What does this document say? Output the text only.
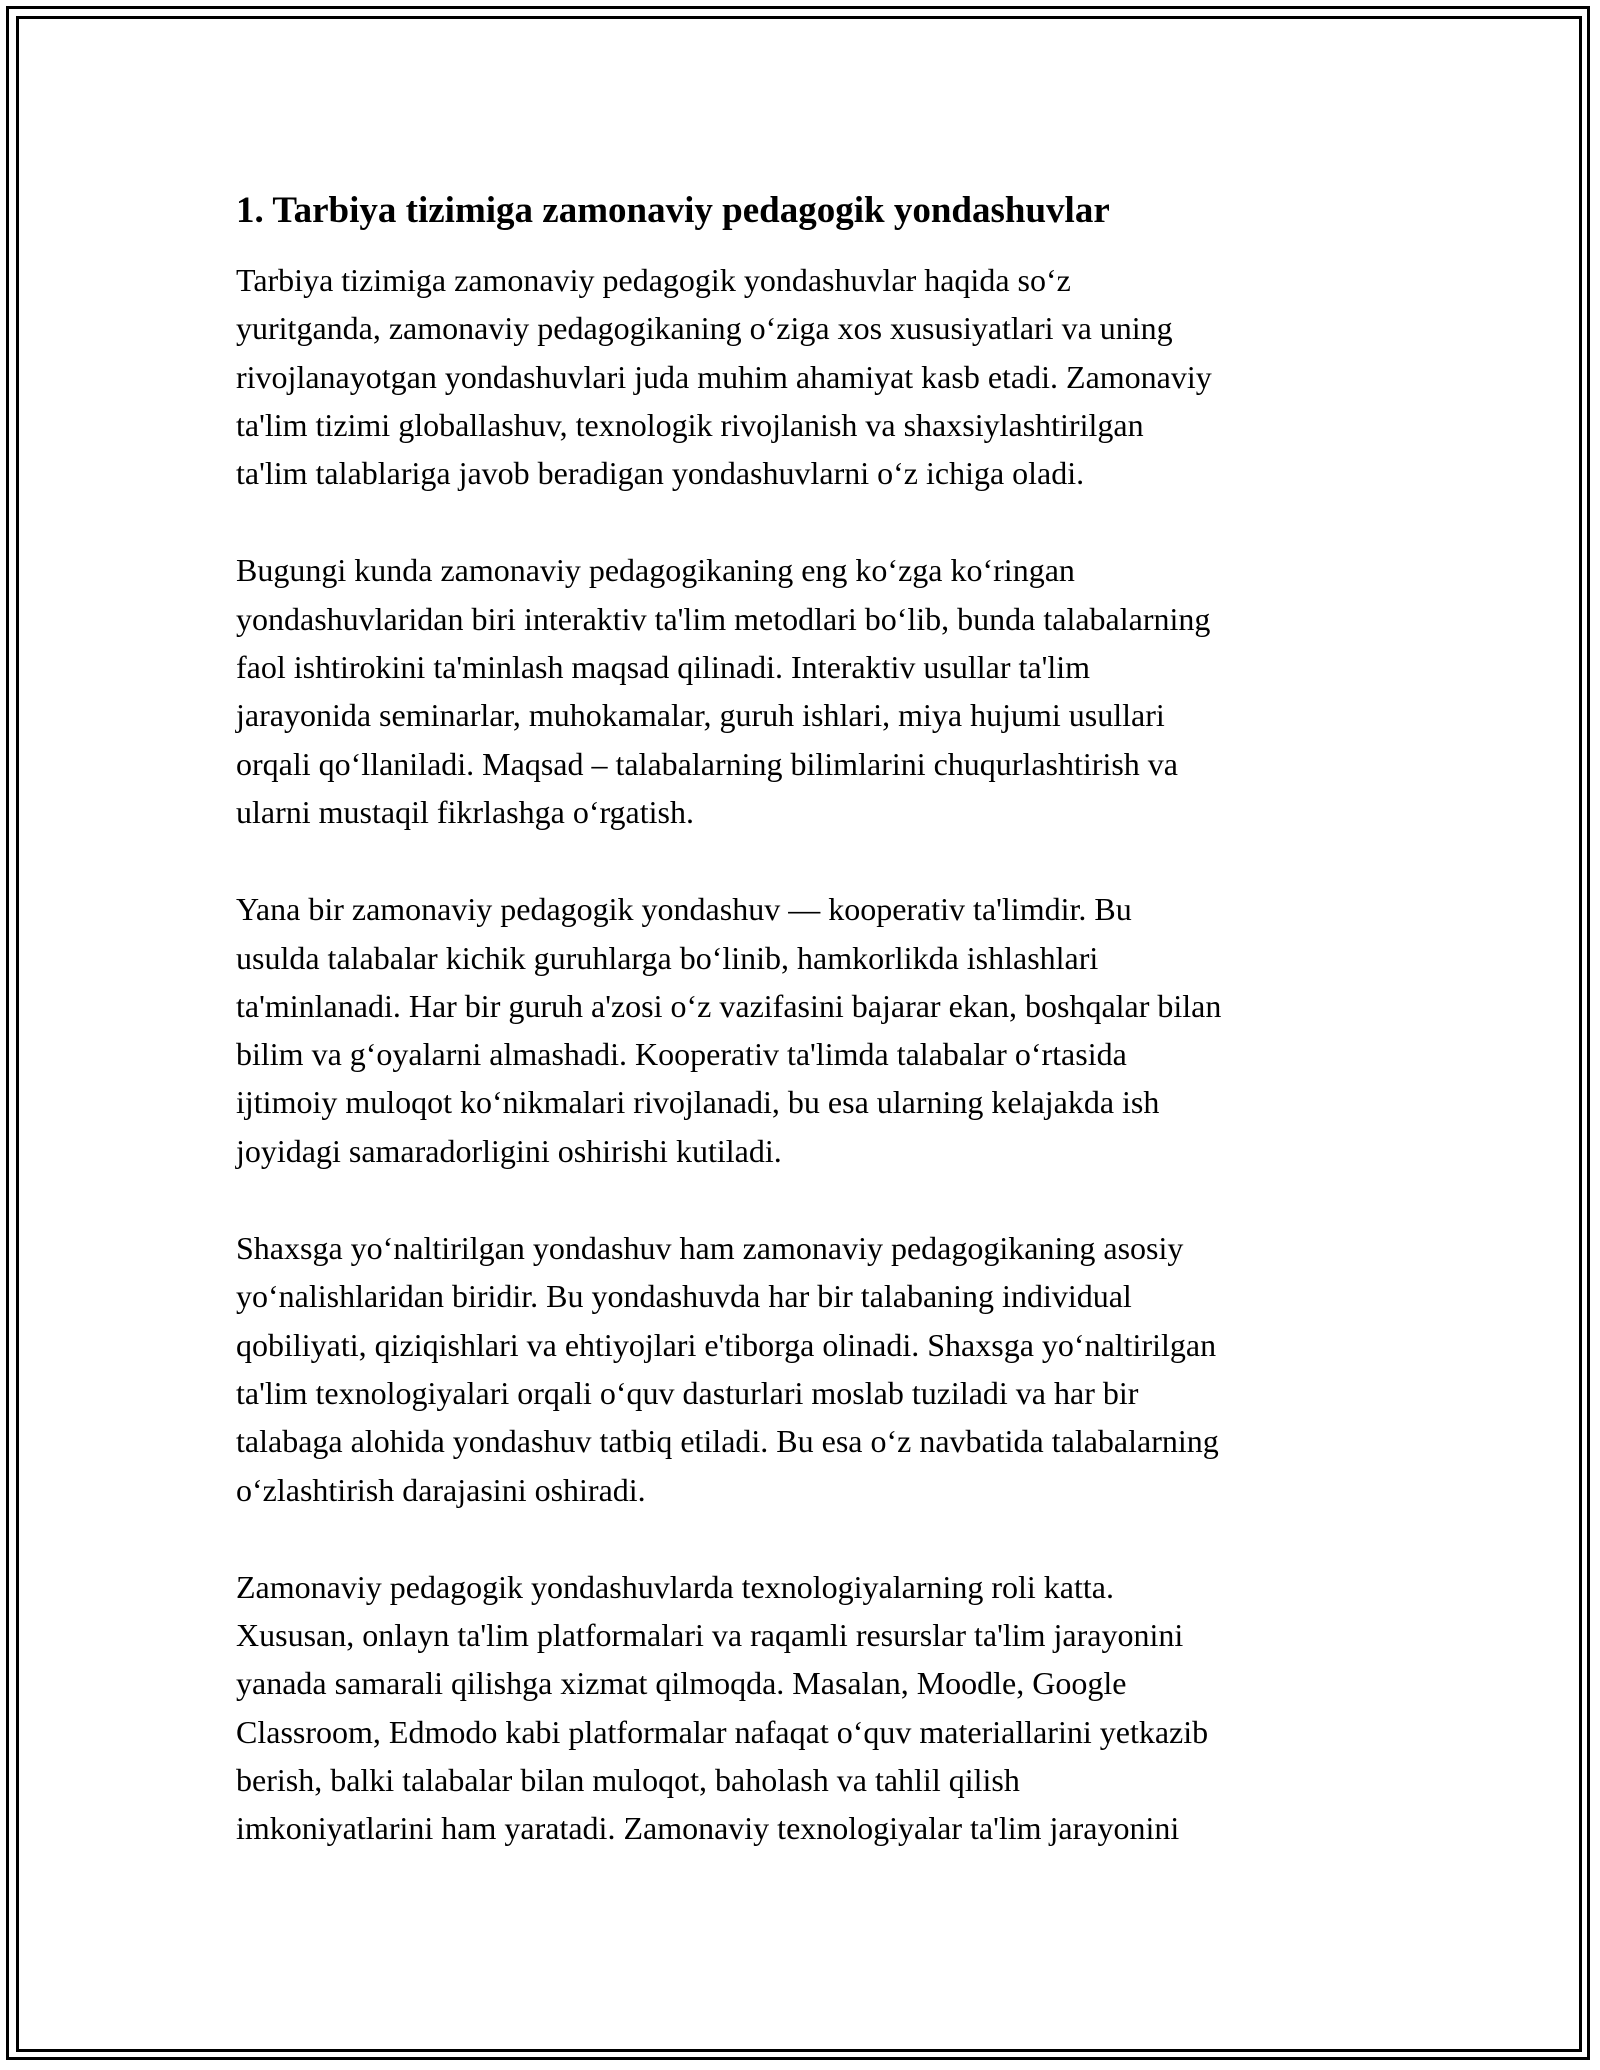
1. Tarbiya tizimiga zamonaviy pedagogik yondashuvlar

Tarbiya tizimiga zamonaviy pedagogik yondashuvlar haqida so‘z
yuritganda, zamonaviy pedagogikaning o‘ziga xos xususiyatlari va uning
rivojlanayotgan yondashuvlari juda muhim ahamiyat kasb etadi. Zamonaviy
ta'lim tizimi globallashuv, texnologik rivojlanish va shaxsiylashtirilgan
ta'lim talablariga javob beradigan yondashuvlarni o‘z ichiga oladi.

Bugungi kunda zamonaviy pedagogikaning eng ko‘zga ko‘ringan
yondashuvlaridan biri interaktiv ta'lim metodlari bo‘lib, bunda talabalarning
faol ishtirokini ta'minlash maqsad qilinadi. Interaktiv usullar ta'lim
jarayonida seminarlar, muhokamalar, guruh ishlari, miya hujumi usullari
orqali qo‘llaniladi. Maqsad – talabalarning bilimlarini chuqurlashtirish va
ularni mustaqil fikrlashga o‘rgatish.

Yana bir zamonaviy pedagogik yondashuv — kooperativ ta'limdir. Bu
usulda talabalar kichik guruhlarga bo‘linib, hamkorlikda ishlashlari
ta'minlanadi. Har bir guruh a'zosi o‘z vazifasini bajarar ekan, boshqalar bilan
bilim va g‘oyalarni almashadi. Kooperativ ta'limda talabalar o‘rtasida
ijtimoiy muloqot ko‘nikmalari rivojlanadi, bu esa ularning kelajakda ish
joyidagi samaradorligini oshirishi kutiladi.

Shaxsga yo‘naltirilgan yondashuv ham zamonaviy pedagogikaning asosiy
yo‘nalishlaridan biridir. Bu yondashuvda har bir talabaning individual
qobiliyati, qiziqishlari va ehtiyojlari e'tiborga olinadi. Shaxsga yo‘naltirilgan
ta'lim texnologiyalari orqali o‘quv dasturlari moslab tuziladi va har bir
talabaga alohida yondashuv tatbiq etiladi. Bu esa o‘z navbatida talabalarning
o‘zlashtirish darajasini oshiradi.

Zamonaviy pedagogik yondashuvlarda texnologiyalarning roli katta.
Xususan, onlayn ta'lim platformalari va raqamli resurslar ta'lim jarayonini
yanada samarali qilishga xizmat qilmoqda. Masalan, Moodle, Google
Classroom, Edmodo kabi platformalar nafaqat o‘quv materiallarini yetkazib
berish, balki talabalar bilan muloqot, baholash va tahlil qilish
imkoniyatlarini ham yaratadi. Zamonaviy texnologiyalar ta'lim jarayonini
